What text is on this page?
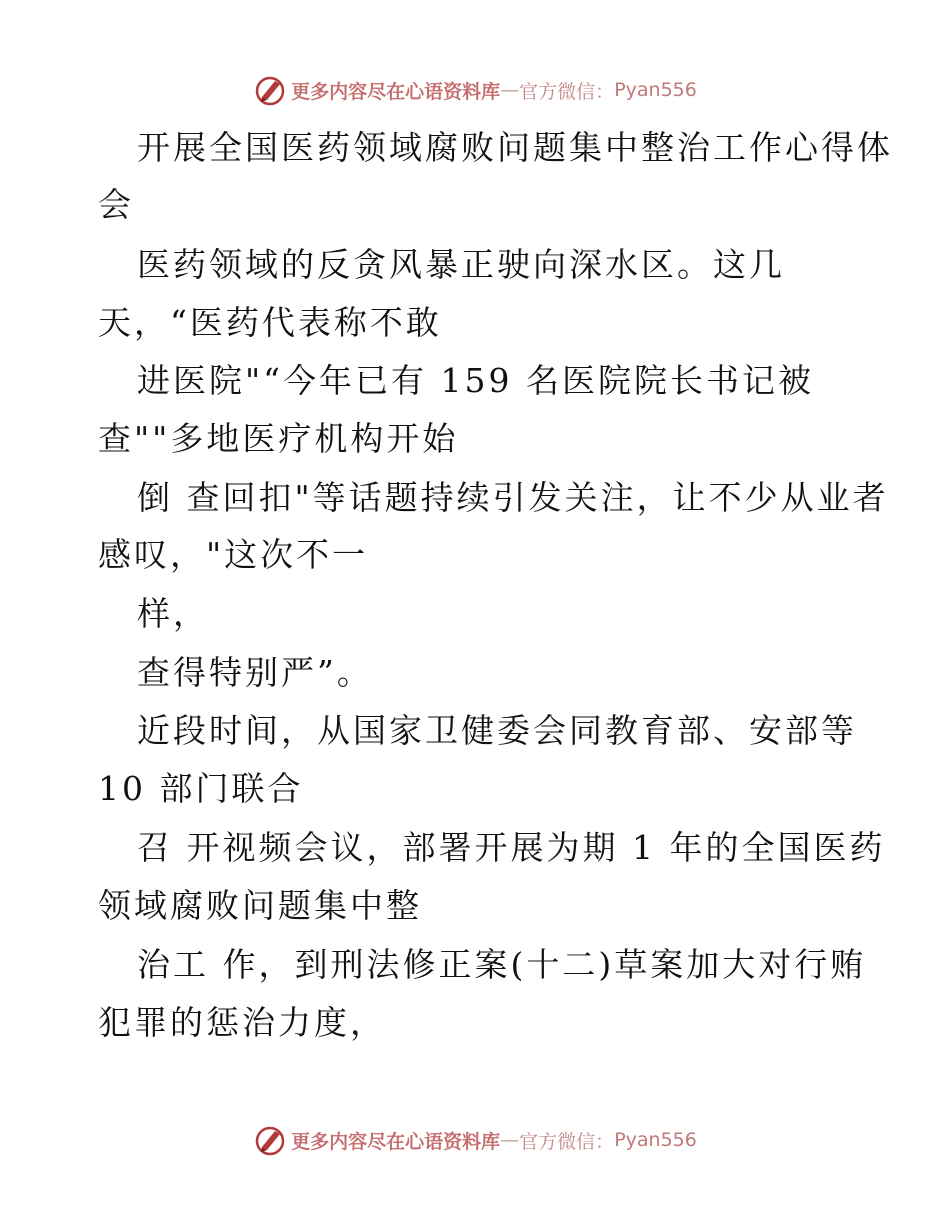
更多内容尽在心语资料库 — 官方微信： Pyan556
开展全国医药领域腐败问题集中整治工作心得体
会
医药领域的反贪风暴正驶向深水区。这几
天，“医药代表称不敢
进医院"“今年已有 159 名医院院长书记被
查""多地医疗机构开始
倒 查回扣"等话题持续引发关注，让不少从业者
感叹，"这次不一
样，
查得特别严”。
近段时间，从国家卫健委会同教育部、安部等
10 部门联合
召 开视频会议，部署开展为期 1 年的全国医药
领域腐败问题集中整
治工 作，到刑法修正案(十二)草案加大对行贿
犯罪的惩治力度，
更多内容尽在心语资料库 — 官方微信： Pyan556
